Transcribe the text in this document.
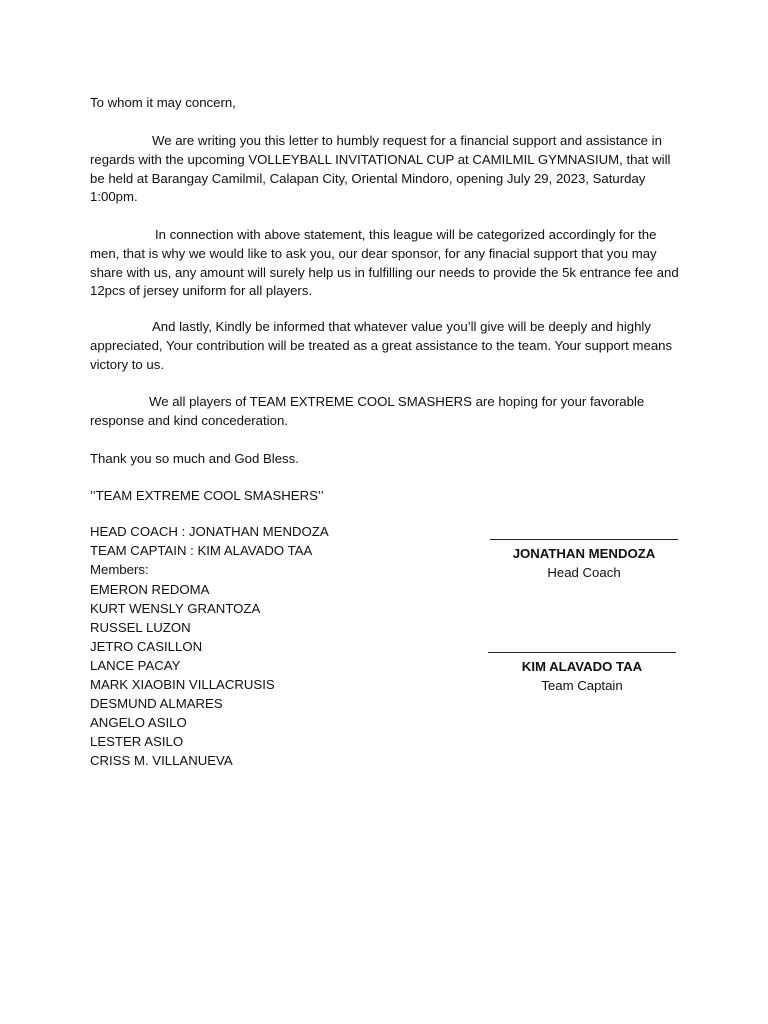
To whom it may concern,

We are writing you this letter to humbly request for a financial support and assistance in regards with the upcoming VOLLEYBALL INVITATIONAL CUP at CAMILMIL GYMNASIUM, that will be held at Barangay Camilmil, Calapan City, Oriental Mindoro, opening July 29, 2023, Saturday 1:00pm.

In connection with above statement, this league will be categorized accordingly for the men, that is why we would like to ask you, our dear sponsor, for any finacial support that you may share with us, any amount will surely help us in fulfilling our needs to provide the 5k entrance fee and 12pcs of jersey uniform for all players.

And lastly, Kindly be informed that whatever value you’ll give will be deeply and highly appreciated, Your contribution will be treated as a great assistance to the team. Your support means victory to us.

We all players of TEAM EXTREME COOL SMASHERS are hoping for your favorable response and kind concederation.

Thank you so much and God Bless.
’’TEAM EXTREME COOL SMASHERS’’
HEAD COACH : JONATHAN MENDOZA
TEAM CAPTAIN : KIM ALAVADO TAA
Members:
EMERON REDOMA
KURT WENSLY GRANTOZA
RUSSEL LUZON
JETRO CASILLON
LANCE PACAY
MARK XIAOBIN VILLACRUSIS
DESMUND ALMARES
ANGELO ASILO
LESTER ASILO
CRISS M. VILLANUEVA
JONATHAN MENDOZA
Head Coach
KIM ALAVADO TAA
Team Captain
